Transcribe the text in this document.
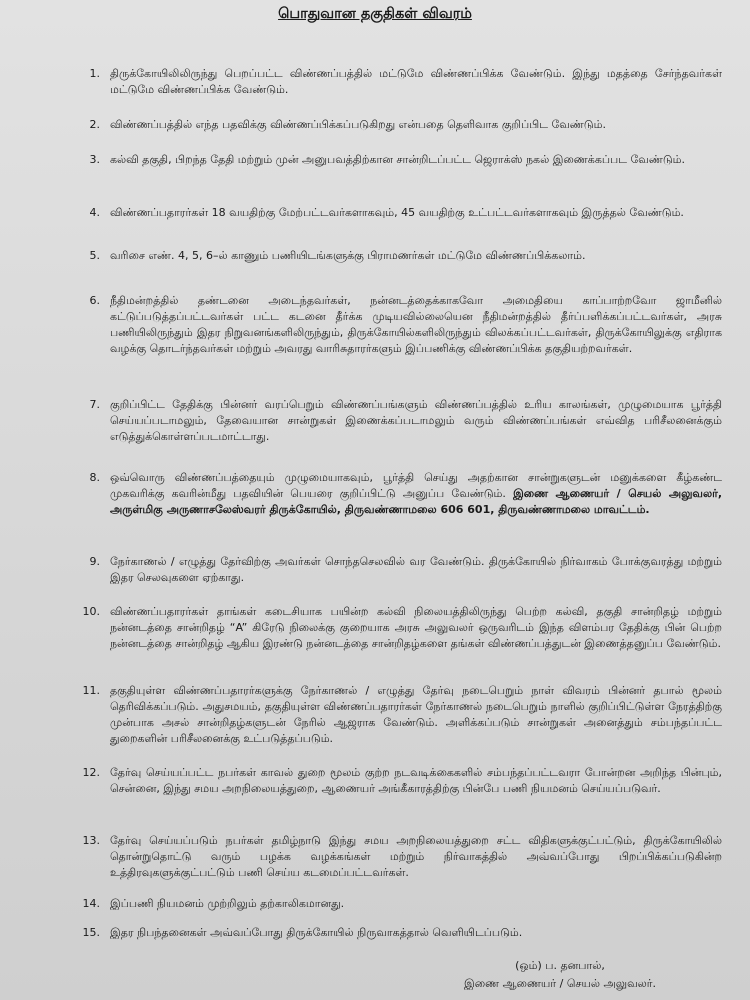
பொதுவான தகுதிகள் விவரம்
1. திருக்கோயிலிலிருந்து பெறப்பட்ட விண்ணப்பத்தில் மட்டுமே விண்ணப்பிக்க வேண்டும். இந்து மதத்தை சேர்ந்தவர்கள் மட்டுமே விண்ணப்பிக்க வேண்டும்.
2. விண்ணப்பத்தில் எந்த பதவிக்கு விண்ணப்பிக்கப்படுகிறது என்பதை தெளிவாக குறிப்பிட வேண்டும்.
3. கல்வி தகுதி, பிறந்த தேதி மற்றும் முன் அனுபவத்திற்கான சான்றிடப்பட்ட ஜெராக்ஸ் நகல் இணைக்கப்பட வேண்டும்.
4. விண்ணப்பதாரர்கள் 18 வயதிற்கு மேற்பட்டவர்களாகவும், 45 வயதிற்கு உட்பட்டவர்களாகவும் இருத்தல் வேண்டும்.
5. வரிசை எண். 4, 5, 6–ல் காணும் பணியிடங்களுக்கு பிராமணர்கள் மட்டுமே விண்ணப்பிக்கலாம்.
6. நீதிமன்றத்தில் தண்டனை அடைந்தவர்கள், நன்னடத்தைக்காகவோ அமைதியை காப்பாற்றவோ ஜாமீனில் கட்டுப்படுத்தப்பட்டவர்கள் பட்ட கடனை தீர்க்க முடியவில்லையென நீதிமன்றத்தில் தீர்ப்பளிக்கப்பட்டவர்கள், அரசு பணியிலிருந்தும் இதர நிறுவனங்களிலிருந்தும், திருக்கோயில்களிலிருந்தும் விலக்கப்பட்டவர்கள், திருக்கோயிலுக்கு எதிராக வழக்கு தொடர்ந்தவர்கள் மற்றும் அவரது வாரிசுதாரர்களும் இப்பணிக்கு விண்ணப்பிக்க தகுதியற்றவர்கள்.
7. குறிப்பிட்ட தேதிக்கு பின்னர் வரப்பெறும் விண்ணப்பங்களும் விண்ணப்பத்தில் உரிய காலங்கள், முழுமையாக பூர்த்தி செய்யப்படாமலும், தேவையான சான்றுகள் இணைக்கப்படாமலும் வரும் விண்ணப்பங்கள் எவ்வித பரிசீலனைக்கும் எடுத்துக்கொள்ளப்படமாட்டாது.
8. ஒவ்வொரு விண்ணப்பத்தையும் முழுமையாகவும், பூர்த்தி செய்து அதற்கான சான்றுகளுடன் மனுக்களை கீழ்கண்ட முகவரிக்கு கவரின்மீது பதவியின் பெயரை குறிப்பிட்டு அனுப்ப வேண்டும். இணை ஆணையர் / செயல் அலுவலர், அருள்மிகு அருணாசலேஸ்வரர் திருக்கோயில், திருவண்ணாமலை 606 601, திருவண்ணாமலை மாவட்டம்.
9. நேர்காணல் / எழுத்து தேர்விற்கு அவர்கள் சொந்தசெலவில் வர வேண்டும். திருக்கோயில் நிர்வாகம் போக்குவரத்து மற்றும் இதர செலவுகளை ஏற்காது.
10. விண்ணப்பதாரர்கள் தாங்கள் கடைசியாக பயின்ற கல்வி நிலையத்திலிருந்து பெற்ற கல்வி, தகுதி சான்றிதழ் மற்றும் நன்னடத்தை சான்றிதழ் “A” கிரேடு நிலைக்கு குறையாக அரசு அலுவலர் ஒருவரிடம் இந்த விளம்பர தேதிக்கு பின் பெற்ற நன்னடத்தை சான்றிதழ் ஆகிய இரண்டு நன்னடத்தை சான்றிதழ்களை தங்கள் விண்ணப்பத்துடன் இணைத்தனுப்ப வேண்டும்.
11. தகுதியுள்ள விண்ணப்பதாரர்களுக்கு நேர்காணல் / எழுத்து தேர்வு நடைபெறும் நாள் விவரம் பின்னர் தபால் மூலம் தெரிவிக்கப்படும். அதுசமயம், தகுதியுள்ள விண்ணப்பதாரர்கள் நேர்காணல் நடைபெறும் நாளில் குறிப்பிட்டுள்ள நேரத்திற்கு முன்பாக அசல் சான்றிதழ்களுடன் நேரில் ஆஜராக வேண்டும். அளிக்கப்படும் சான்றுகள் அனைத்தும் சம்பந்தப்பட்ட துறைகளின் பரிசீலனைக்கு உட்படுத்தப்படும்.
12. தேர்வு செய்யப்பட்ட நபர்கள் காவல் துறை மூலம் குற்ற நடவடிக்கைகளில் சம்பந்தப்பட்டவரா போன்றன அறிந்த பின்பும், சென்னை, இந்து சமய அறநிலையத்துறை, ஆணையர் அங்கீகாரத்திற்கு பின்பே பணி நியமனம் செய்யப்படுவர்.
13. தேர்வு செய்யப்படும் நபர்கள் தமிழ்நாடு இந்து சமய அறநிலையத்துறை சட்ட விதிகளுக்குட்பட்டும், திருக்கோயிலில் தொன்றுதொட்டு வரும் பழக்க வழக்கங்கள் மற்றும் நிர்வாகத்தில் அவ்வப்போது பிறப்பிக்கப்படுகின்ற உத்திரவுகளுக்குட்பட்டும் பணி செய்ய கடமைப்பட்டவர்கள்.
14. இப்பணி நியமனம் முற்றிலும் தற்காலிகமானது.
15. இதர நிபந்தனைகள் அவ்வப்போது திருக்கோயில் நிருவாகத்தால் வெளியிடப்படும்.
(ஒம்) ப. தனபால்,
இணை ஆணையர் / செயல் அலுவலர்.
